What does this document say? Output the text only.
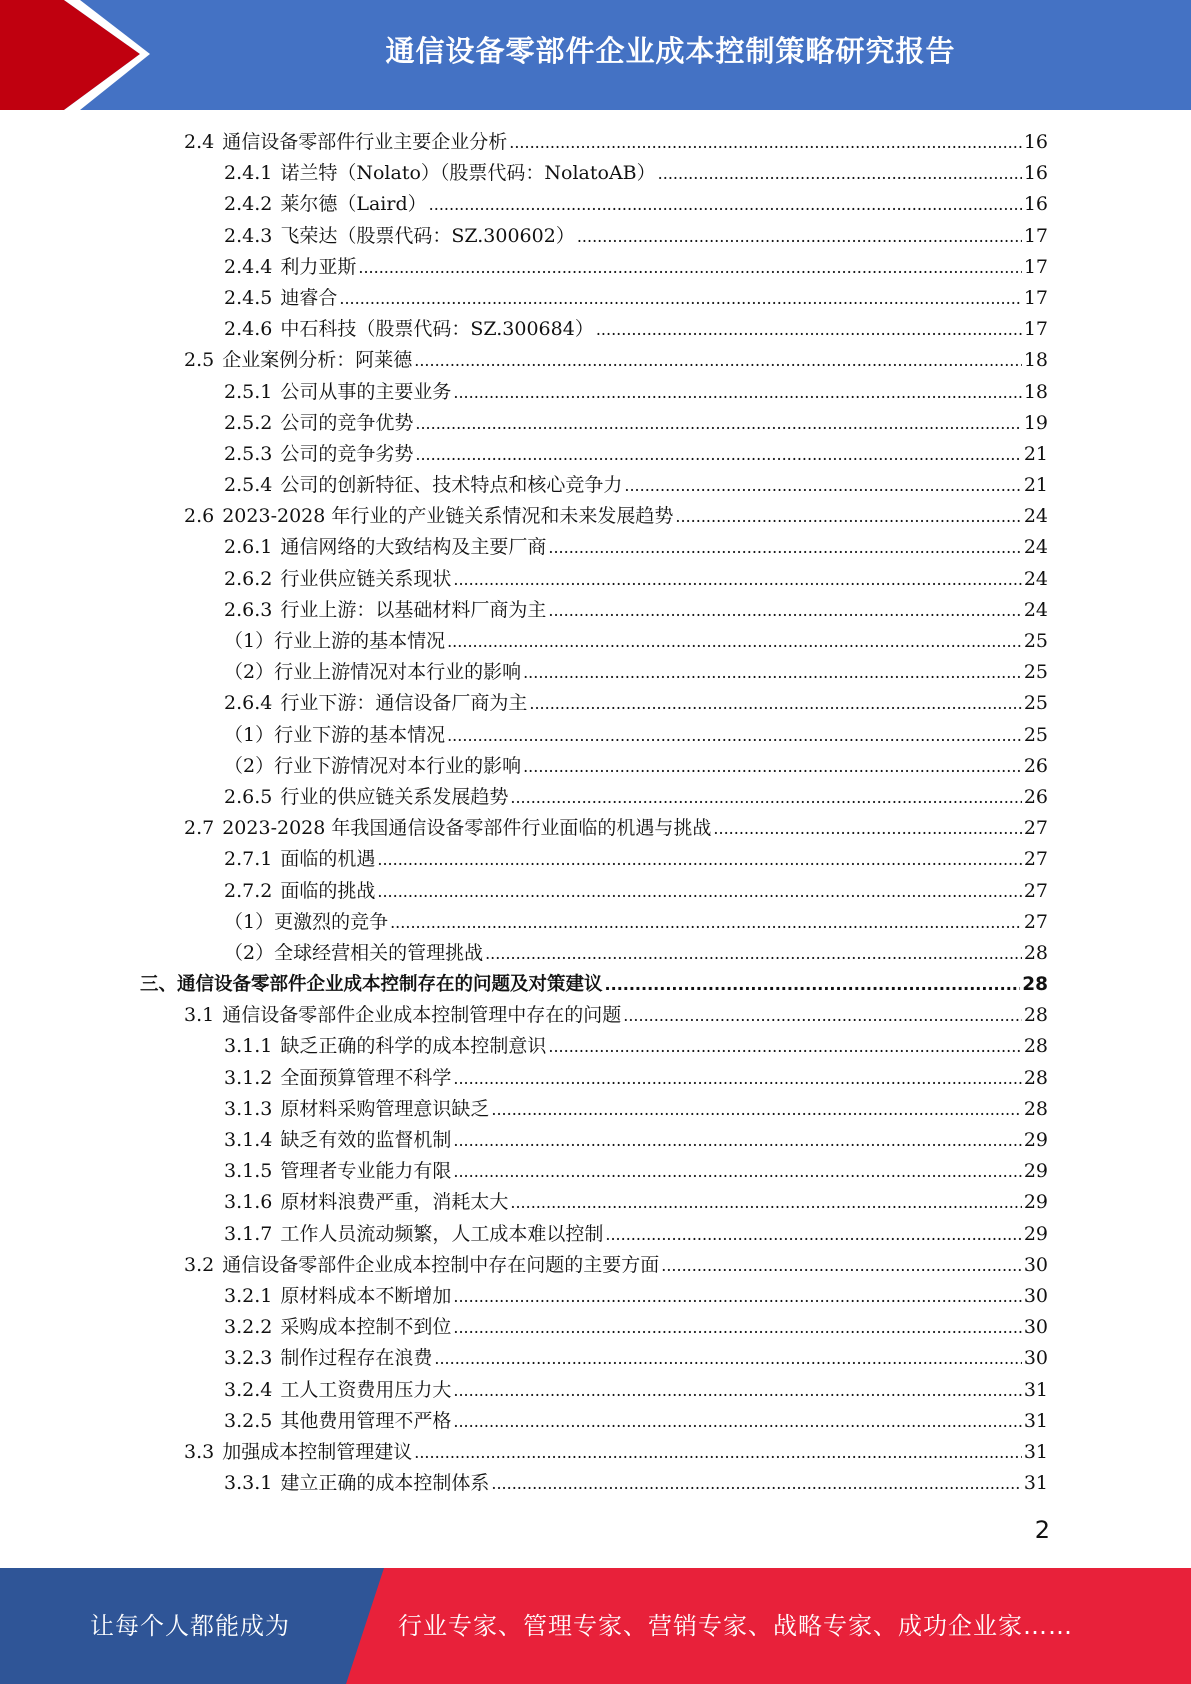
通信设备零部件企业成本控制策略研究报告
2.4 通信设备零部件行业主要企业分析 .....	16
2.4.1 诺兰特（Nolato）（股票代码：NolatoAB） .....	16
2.4.2 莱尔德（Laird） .....	16
2.4.3 飞荣达（股票代码：SZ.300602） .....	17
2.4.4 利力亚斯 .....	17
2.4.5 迪睿合 .....	17
2.4.6 中石科技（股票代码：SZ.300684） .....	17
2.5 企业案例分析：阿莱德 .....	18
2.5.1 公司从事的主要业务 .....	18
2.5.2 公司的竞争优势 .....	19
2.5.3 公司的竞争劣势 .....	21
2.5.4 公司的创新特征、技术特点和核心竞争力 .....	21
2.6 2023-2028 年行业的产业链关系情况和未来发展趋势 .....	24
2.6.1 通信网络的大致结构及主要厂商 .....	24
2.6.2 行业供应链关系现状 .....	24
2.6.3 行业上游：以基础材料厂商为主 .....	24
（1）行业上游的基本情况 .....	25
（2）行业上游情况对本行业的影响 .....	25
2.6.4 行业下游：通信设备厂商为主 .....	25
（1）行业下游的基本情况 .....	25
（2）行业下游情况对本行业的影响 .....	26
2.6.5 行业的供应链关系发展趋势 .....	26
2.7 2023-2028 年我国通信设备零部件行业面临的机遇与挑战 .....	27
2.7.1 面临的机遇 .....	27
2.7.2 面临的挑战 .....	27
（1）更激烈的竞争 .....	27
（2）全球经营相关的管理挑战 .....	28
三、 通信设备零部件企业成本控制存在的问题及对策建议 .....	28
3.1 通信设备零部件企业成本控制管理中存在的问题 .....	28
3.1.1 缺乏正确的科学的成本控制意识 .....	28
3.1.2 全面预算管理不科学 .....	28
3.1.3 原材料采购管理意识缺乏 .....	28
3.1.4 缺乏有效的监督机制 .....	29
3.1.5 管理者专业能力有限 .....	29
3.1.6 原材料浪费严重，消耗太大 .....	29
3.1.7 工作人员流动频繁，人工成本难以控制 .....	29
3.2 通信设备零部件企业成本控制中存在问题的主要方面 .....	30
3.2.1 原材料成本不断增加 .....	30
3.2.2 采购成本控制不到位 .....	30
3.2.3 制作过程存在浪费 .....	30
3.2.4 工人工资费用压力大 .....	31
3.2.5 其他费用管理不严格 .....	31
3.3 加强成本控制管理建议 .....	31
3.3.1 建立正确的成本控制体系 .....	31
2
让每个人都能成为	行业专家、管理专家、营销专家、战略专家、成功企业家……
